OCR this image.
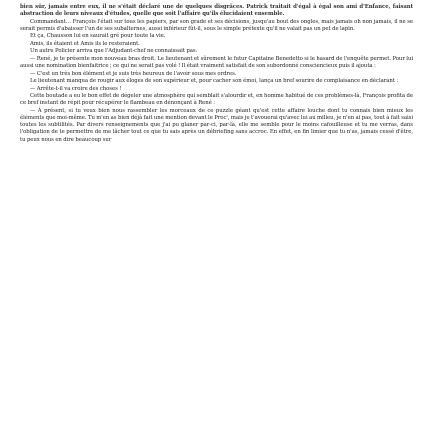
bien sûr, jamais entre eux, il ne s'était déclaré une de quelques disgrâces. Patrick traitait d'égal à égal son ami d'Enfance, faisant abstraction de leurs niveaux d'études, quelle que soit l'affaire qu'ils élucidaient ensemble.

Commandant… François l'était sur tous les papiers, par son grade et ses décisions, jusqu'au bout des ongles, mais jamais oh non jamais, il ne se serait permis d'abaisser l'un de ses subalternes, aussi inférieur fût-il, sous le simple prétexte qu'il ne valait pas un pet de lapin.

Et ça, Chausson lui en saurait gré pour toute la vie.

Amis, ils étaient et Amis ils le resteraient.

Un autre Policier arriva que l'Adjudant-chef ne connaissait pas.

— René, je te présente mon nouveau bras droit. Le lieutenant et sûrement le futur Capitaine Benedetto si le hasard de l'enquête permet. Pour lui aussi une nomination bienfaitrice ; ce qui ne serait pas volé ! Il était vraiment satisfait de son subordonné consciencieux puis il ajouta :

— C'est un très bon élément et je suis très heureux de l'avoir sous mes ordres.

Le lieutenant manqua de rougir aux éloges de son supérieur et, pour cacher son émoi, lança un bref sourire de complaisance en déclarant :

— Arrête-t-il va croire des choses !

Cette boutade a eu le bon effet de dégeler une atmosphère qui semblait s'alourdir et, en homme habitué de ces problèmes-là, François profita de ce bref instant de répit pour récupérer le flambeau en dénonçant à René :

— À présent, si tu veux bien nous rassembler les morceaux de ce puzzle géant qu'est cette affaire louche dont tu connais bien mieux les éléments que moi-même. Tu m'en as bien déjà fait une mention devant le Proc', mais je t'avouerai qu'avec lui au milieu, je n'en ai pas, tout à fait saisi toutes les subtilités. Par divers renseignements que j'ai pu glaner par-ci, par-là, elle me semble pour le moins cafouilleuse et tu me verras, dans l'obligation de te permettre de me lâcher tout ce que tu sais après un débriefing sans accroc. En effet, en fin limier que tu n'as, jamais cessé d'être, tu peux nous en dire beaucoup sur
